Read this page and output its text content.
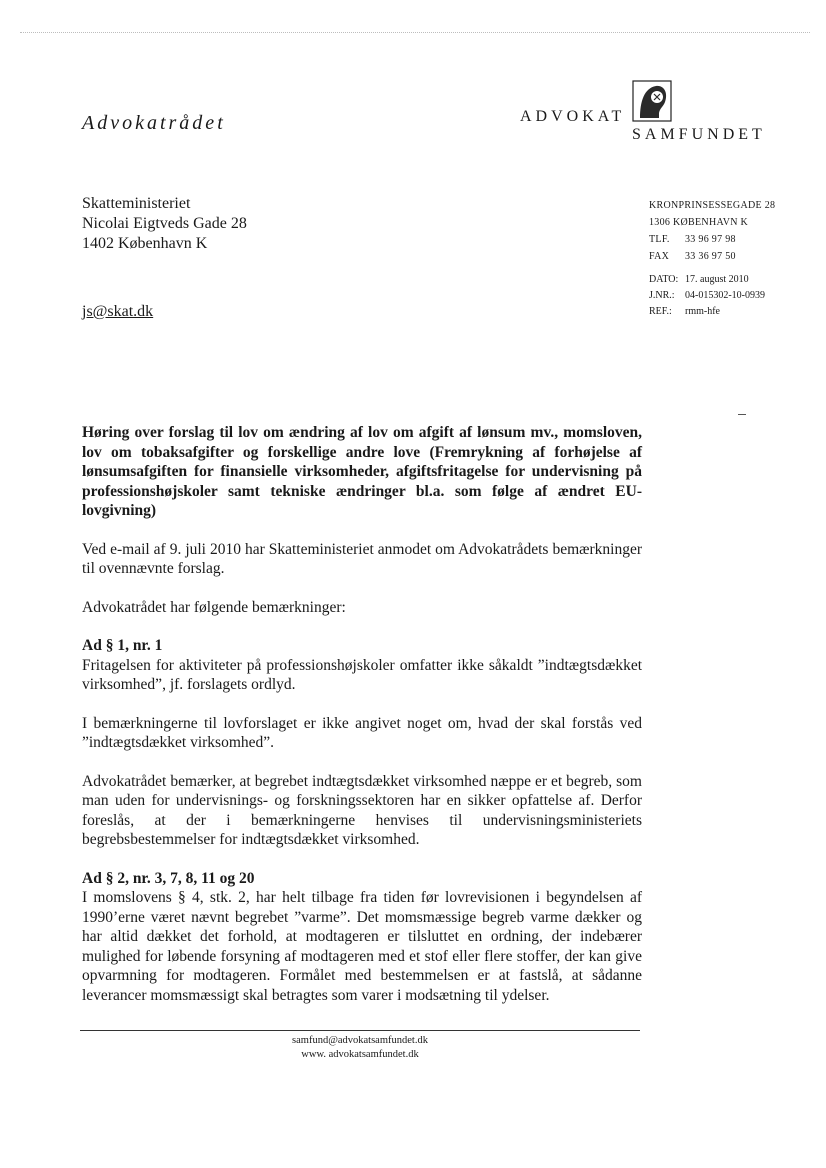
Advokatrådet	ADVOKAT
SAMFUNDET
Skatteministeriet
Nicolai Eigtveds Gade 28
1402 København K
js@skat.dk
KRONPRINSESSEGADE 28
1306 KØBENHAVN K
TLF.	33 96 97 98
FAX	33 36 97 50
DATO: 17. august 2010
J.NR.:	04-015302-10-0939
REF.:	rmm-hfe

Høring over forslag til lov om ændring af lov om afgift af lønsum mv., momsloven, lov om tobaksafgifter og forskellige andre love (Fremrykning af forhøjelse af lønsumsafgiften for finansielle virksomheder, afgiftsfritagelse for undervisning på professionshøjskoler samt tekniske ændringer bl.a. som følge af ændret EU-lovgivning)

Ved e-mail af 9. juli 2010 har Skatteministeriet anmodet om Advokatrådets bemærkninger til ovennævnte forslag.

Advokatrådet har følgende bemærkninger:

Ad § 1, nr. 1

Fritagelsen for aktiviteter på professionshøjskoler omfatter ikke såkaldt ”indtægtsdækket virksomhed”, jf. forslagets ordlyd.

I bemærkningerne til lovforslaget er ikke angivet noget om, hvad der skal forstås ved ”indtægtsdækket virksomhed”.

Advokatrådet bemærker, at begrebet indtægtsdækket virksomhed næppe er et begreb, som man uden for undervisnings- og forskningssektoren har en sikker opfattelse af. Derfor foreslås, at der i bemærkningerne henvises til undervisningsministeriets begrebsbestemmelser for indtægtsdækket virksomhed.

Ad § 2, nr. 3, 7, 8, 11 og 20

I momslovens § 4, stk. 2, har helt tilbage fra tiden før lovrevisionen i begyndelsen af 1990’erne været nævnt begrebet ”varme”. Det momsmæssige begreb varme dækker og har altid dækket det forhold, at modtageren er tilsluttet en ordning, der indebærer mulighed for løbende forsyning af modtageren med et stof eller flere stoffer, der kan give opvarmning for modtageren. Formålet med bestemmelsen er at fastslå, at sådanne leverancer momsmæssigt skal betragtes som varer i modsætning til ydelser.

samfund@advokatsamfundet.dk
www. advokatsamfundet.dk
